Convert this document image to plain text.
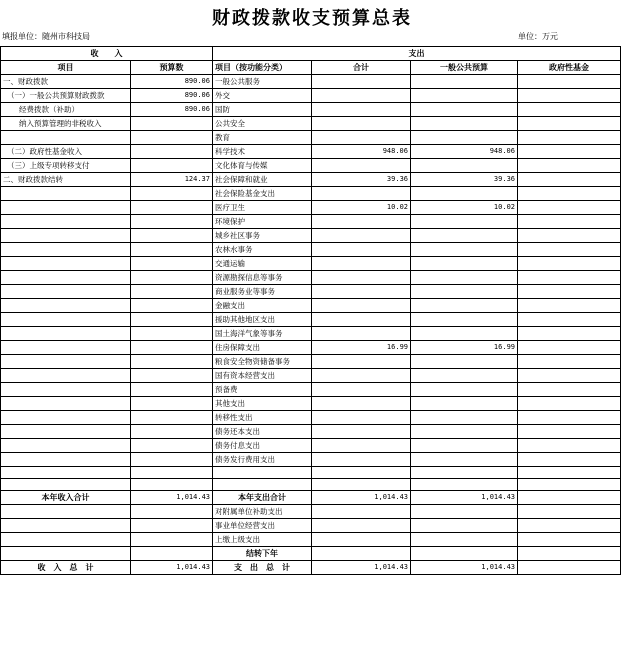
财政拨款收支预算总表
填报单位：随州市科技局	单位：万元
收　　入		支出			
项目	预算数	项目（按功能分类）	合计	一般公共预算	政府性基金
一、财政拨款	890.06	一般公共服务			
（一）一般公共预算财政拨款	890.06	外交			
经费拨款（补助）	890.06	国防			
纳入预算管理的非税收入		公共安全			
		教育			
（二）政府性基金收入		科学技术	948.06	948.06	
（三）上级专项转移支付		文化体育与传媒			
二、财政拨款结转	124.37	社会保障和就业	39.36	39.36	
		社会保险基金支出			
		医疗卫生	10.02	10.02	
		环境保护			
		城乡社区事务			
		农林水事务			
		交通运输			
		资源勘探信息等事务			
		商业服务业等事务			
		金融支出			
		援助其他地区支出			
		国土海洋气象等事务			
		住房保障支出	16.99	16.99	
		粮食安全物资储备事务			
		国有资本经营支出			
		预备费			
		其他支出			
		转移性支出			
		债务还本支出			
		债务付息支出			
		债务发行费用支出			

本年收入合计	1,014.43	本年支出合计	1,014.43	1,014.43	
		对附属单位补助支出			
		事业单位经营支出			
		上缴上级支出			
		结转下年			
收　入　总　计	1,014.43	支　出　总　计	1,014.43	1,014.43	
